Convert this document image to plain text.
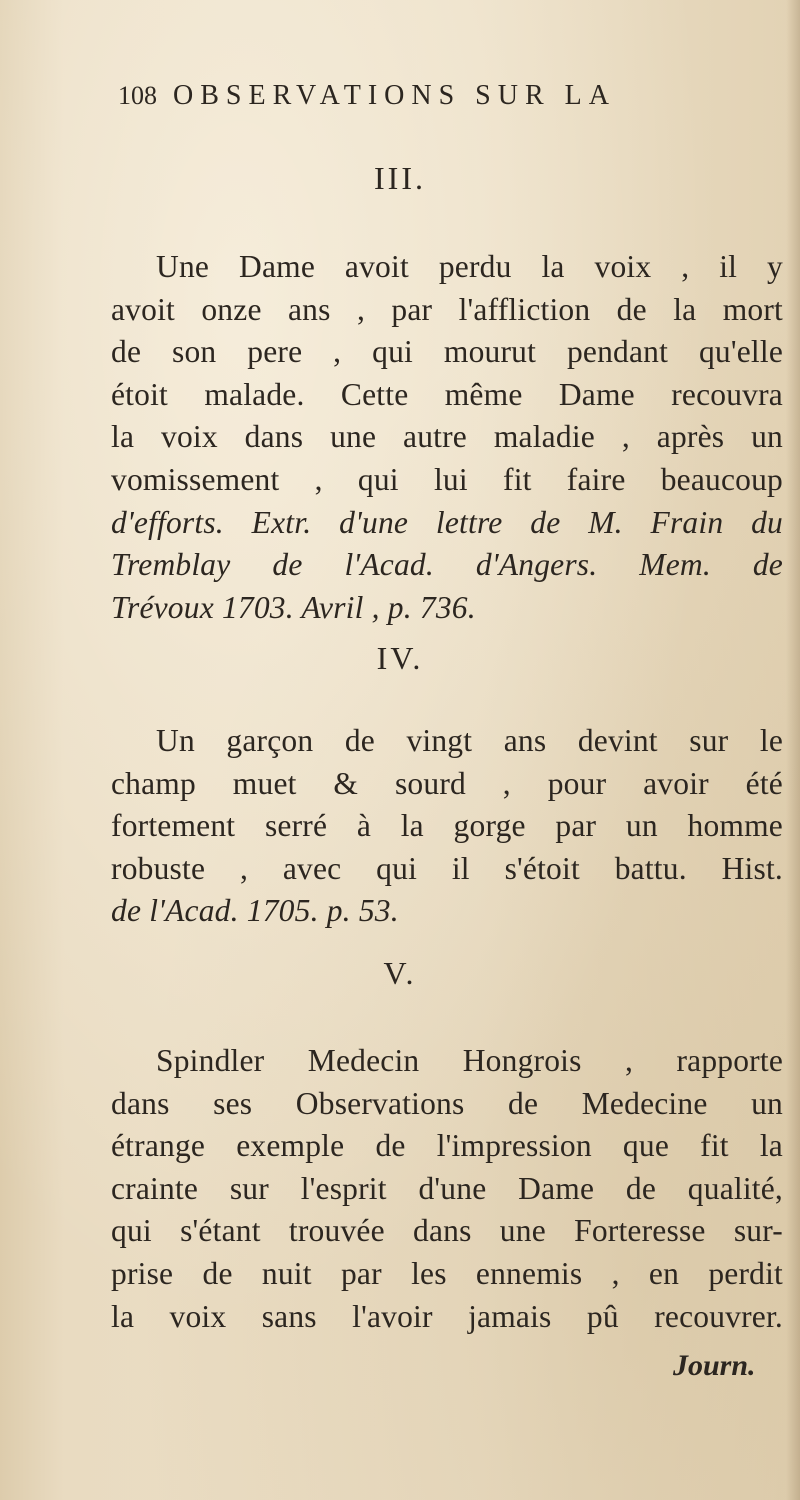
108 OBSERVATIONS SUR LA
III.
Une Dame avoit perdu la voix , il y
avoit onze ans , par l'affliction de la mort
de son pere , qui mourut pendant qu'elle
étoit malade. Cette même Dame recouvra
la voix dans une autre maladie , après un
vomissement , qui lui fit faire beaucoup
d'efforts. Extr. d'une lettre de M. Frain du
Tremblay de l'Acad. d'Angers. Mem. de
Trévoux 1703. Avril , p. 736.
IV.
Un garçon de vingt ans devint sur le
champ muet & sourd , pour avoir été
fortement serré à la gorge par un homme
robuste , avec qui il s'étoit battu. Hist.
de l'Acad. 1705. p. 53.
V.
Spindler Medecin Hongrois , rapporte
dans ses Observations de Medecine un
étrange exemple de l'impression que fit la
crainte sur l'esprit d'une Dame de qualité,
qui s'étant trouvée dans une Forteresse sur-
prise de nuit par les ennemis , en perdit
la voix sans l'avoir jamais pû recouvrer.
Journ.
